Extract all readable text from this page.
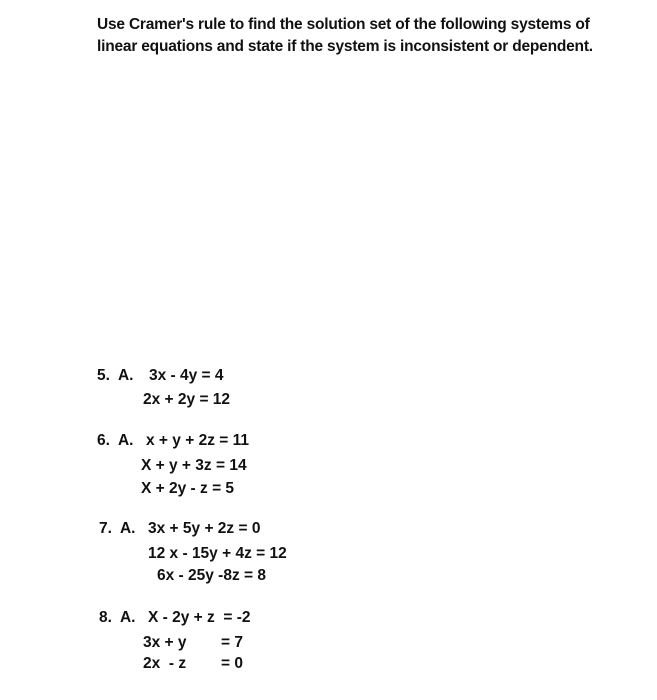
Use Cramer's rule to find the solution set of the following systems of
linear equations and state if the system is inconsistent or dependent.
5.  A. 3x - 4y = 4
2x + 2y = 12
6.  A. x + y + 2z = 11
X + y + 3z = 14
X + 2y - z = 5
7.  A. 3x + 5y + 2z = 0
12 x - 15y + 4z = 12
6x - 25y -8z = 8
8.  A. X - 2y + z  = -2
3x + y = 7
2x  - z = 0
